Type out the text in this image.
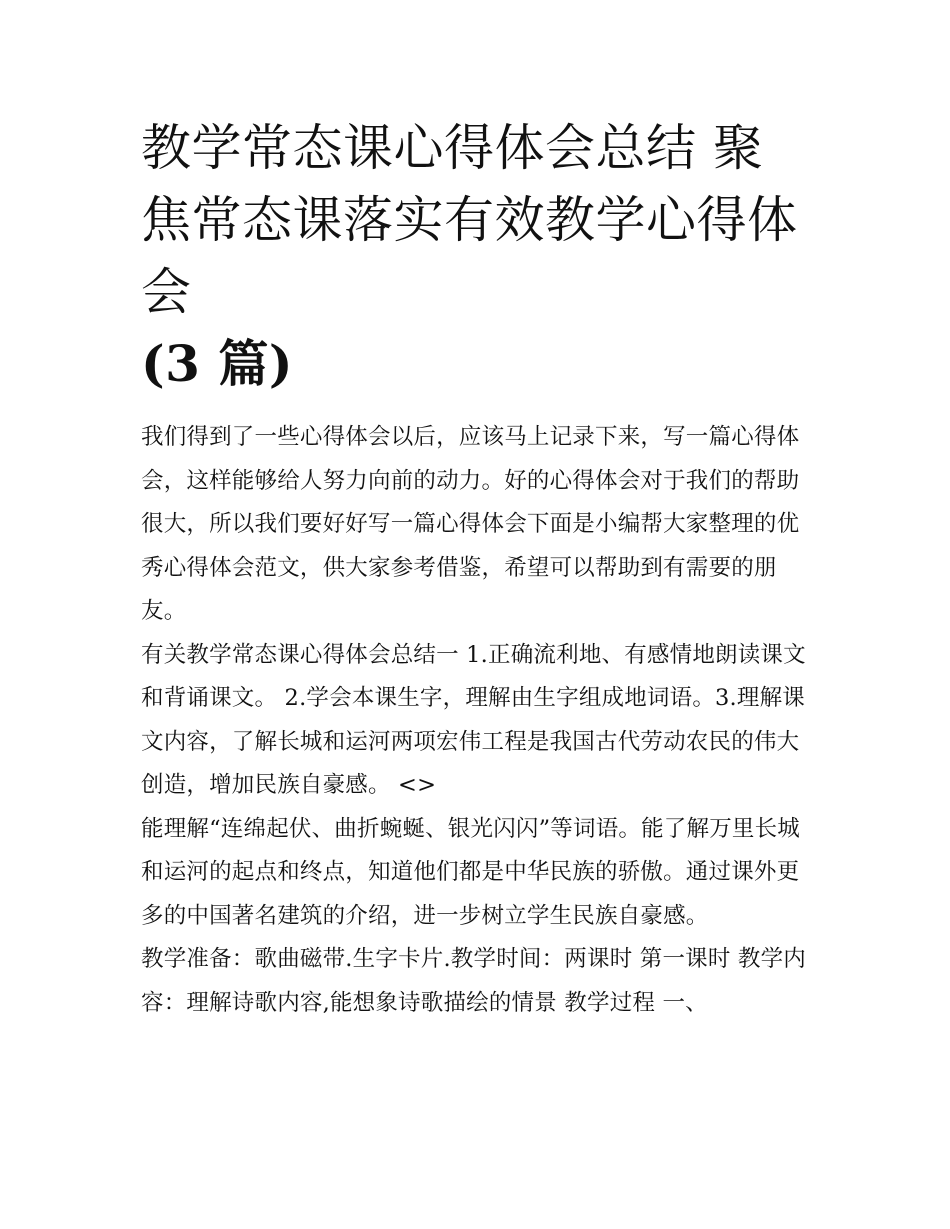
教学常态课心得体会总结 聚焦常态课落实有效教学心得体会
(3 篇)

我们得到了一些心得体会以后，应该马上记录下来，写一篇心得体会，这样能够给人努力向前的动力。好的心得体会对于我们的帮助很大，所以我们要好好写一篇心得体会下面是小编帮大家整理的优秀心得体会范文，供大家参考借鉴，希望可以帮助到有需要的朋友。

有关教学常态课心得体会总结一 1.正确流利地、有感情地朗读课文和背诵课文。 2.学会本课生字，理解由生字组成地词语。3.理解课文内容，了解长城和运河两项宏伟工程是我国古代劳动农民的伟大创造，增加民族自豪感。 <>

能理解“连绵起伏、曲折蜿蜒、银光闪闪”等词语。能了解万里长城和运河的起点和终点，知道他们都是中华民族的骄傲。通过课外更多的中国著名建筑的介绍，进一步树立学生民族自豪感。

教学准备：歌曲磁带.生字卡片.教学时间：两课时 第一课时 教学内容：理解诗歌内容,能想象诗歌描绘的情景 教学过程 一、
